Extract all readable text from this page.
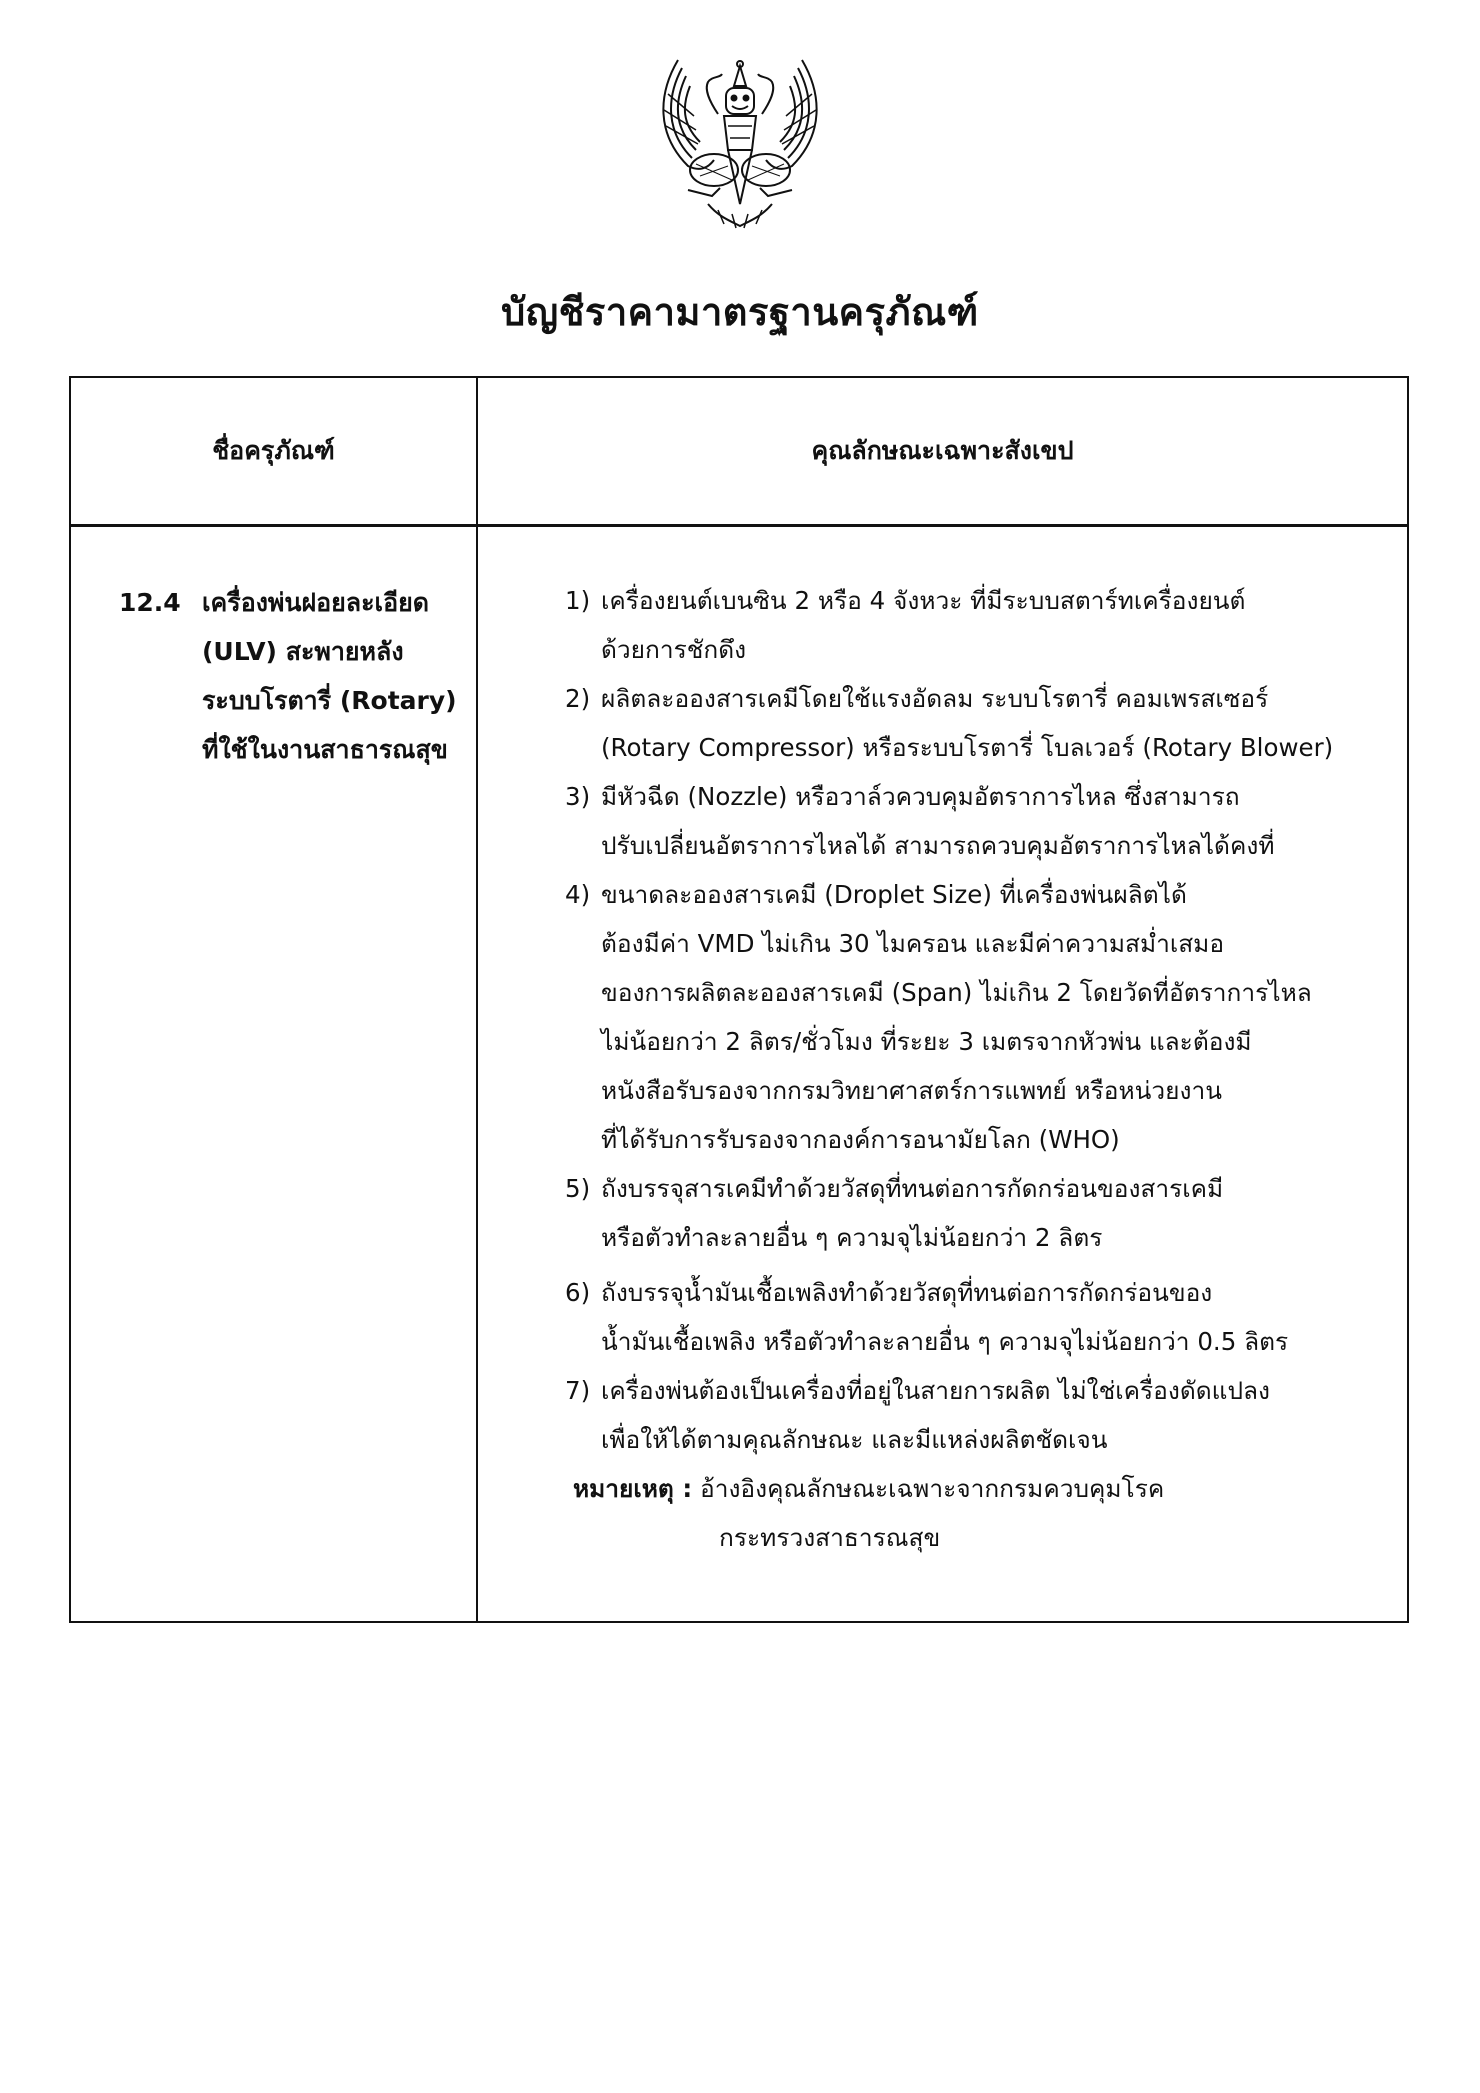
บัญชีราคามาตรฐานครุภัณฑ์
ชื่อครุภัณฑ์	คุณลักษณะเฉพาะสังเขป
12.4 เครื่องพ่นฝอยละเอียด
(ULV) สะพายหลัง
ระบบโรตารี่ (Rotary)
ที่ใช้ในงานสาธารณสุข
1) เครื่องยนต์เบนซิน 2 หรือ 4 จังหวะ ที่มีระบบสตาร์ทเครื่องยนต์
ด้วยการชักดึง
2) ผลิตละอองสารเคมีโดยใช้แรงอัดลม ระบบโรตารี่ คอมเพรสเซอร์
(Rotary Compressor) หรือระบบโรตารี่ โบลเวอร์ (Rotary Blower)
3) มีหัวฉีด (Nozzle) หรือวาล์วควบคุมอัตราการไหล ซึ่งสามารถ
ปรับเปลี่ยนอัตราการไหลได้ สามารถควบคุมอัตราการไหลได้คงที่
4) ขนาดละอองสารเคมี (Droplet Size) ที่เครื่องพ่นผลิตได้
ต้องมีค่า VMD ไม่เกิน 30 ไมครอน และมีค่าความสม่ำเสมอ
ของการผลิตละอองสารเคมี (Span) ไม่เกิน 2 โดยวัดที่อัตราการไหล
ไม่น้อยกว่า 2 ลิตร/ชั่วโมง ที่ระยะ 3 เมตรจากหัวพ่น และต้องมี
หนังสือรับรองจากกรมวิทยาศาสตร์การแพทย์ หรือหน่วยงาน
ที่ได้รับการรับรองจากองค์การอนามัยโลก (WHO)
5) ถังบรรจุสารเคมีทำด้วยวัสดุที่ทนต่อการกัดกร่อนของสารเคมี
หรือตัวทำละลายอื่น ๆ ความจุไม่น้อยกว่า 2 ลิตร
6) ถังบรรจุน้ำมันเชื้อเพลิงทำด้วยวัสดุที่ทนต่อการกัดกร่อนของ
น้ำมันเชื้อเพลิง หรือตัวทำละลายอื่น ๆ ความจุไม่น้อยกว่า 0.5 ลิตร
7) เครื่องพ่นต้องเป็นเครื่องที่อยู่ในสายการผลิต ไม่ใช่เครื่องดัดแปลง
เพื่อให้ได้ตามคุณลักษณะ และมีแหล่งผลิตชัดเจน
หมายเหตุ : อ้างอิงคุณลักษณะเฉพาะจากกรมควบคุมโรค
กระทรวงสาธารณสุข
